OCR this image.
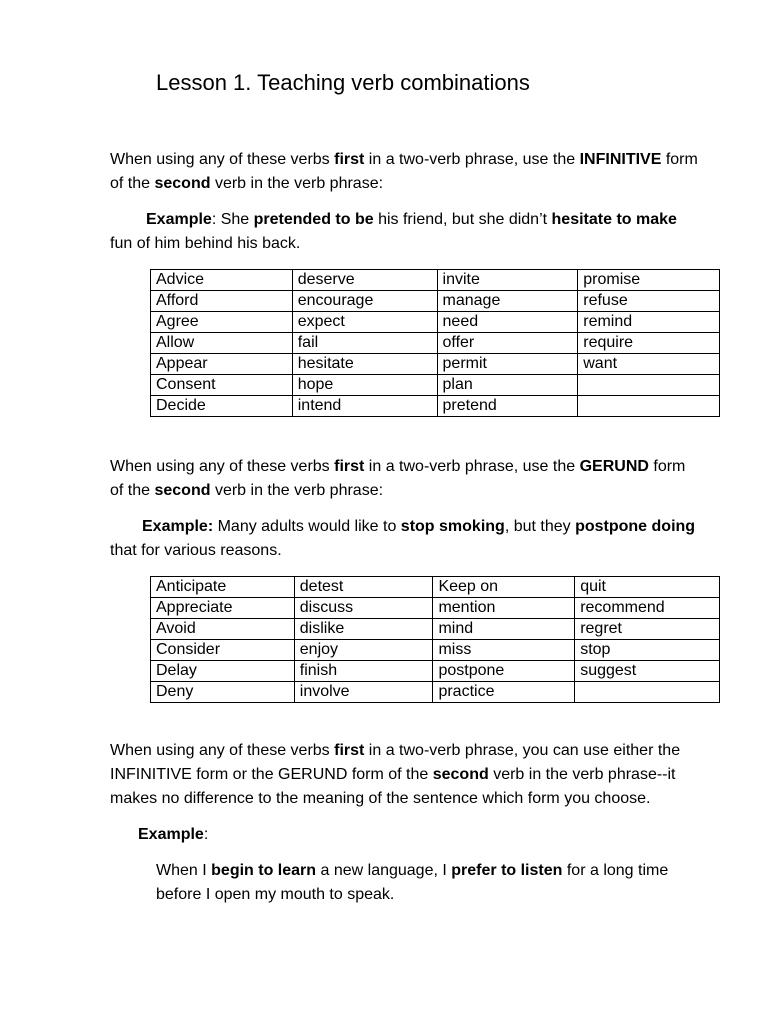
Lesson 1. Teaching verb combinations
When using any of these verbs first in a two-verb phrase, use the INFINITIVE form
of the second verb in the verb phrase:
Example: She pretended to be his friend, but she didn’t hesitate to make
fun of him behind his back.
Advice	deserve	invite	promise
Afford	encourage	manage	refuse
Agree	expect	need	remind
Allow	fail	offer	require
Appear	hesitate	permit	want
Consent	hope	plan	
Decide	intend	pretend	
When using any of these verbs first in a two-verb phrase, use the GERUND form
of the second verb in the verb phrase:
Example: Many adults would like to stop smoking, but they postpone doing
that for various reasons.
Anticipate	detest	Keep on	quit
Appreciate	discuss	mention	recommend
Avoid	dislike	mind	regret
Consider	enjoy	miss	stop
Delay	finish	postpone	suggest
Deny	involve	practice	
When using any of these verbs first in a two-verb phrase, you can use either the
INFINITIVE form or the GERUND form of the second verb in the verb phrase--it
makes no difference to the meaning of the sentence which form you choose.
Example:
When I begin to learn a new language, I prefer to listen for a long time
before I open my mouth to speak.
